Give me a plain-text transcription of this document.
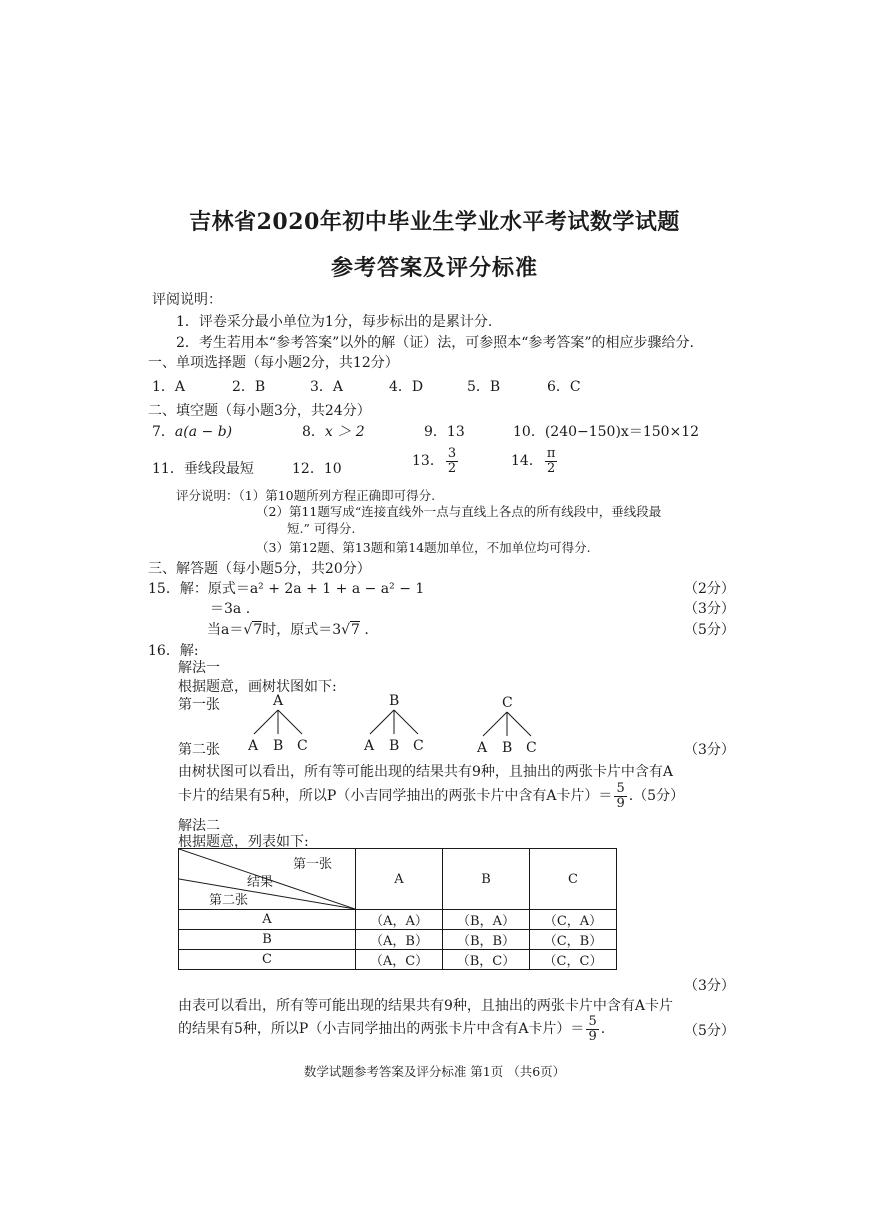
吉林省2020年初中毕业生学业水平考试数学试题
参考答案及评分标准
评阅说明：
1．评卷采分最小单位为1分，每步标出的是累计分.
2．考生若用本“参考答案”以外的解（证）法，可参照本“参考答案”的相应步骤给分.
一、单项选择题（每小题2分，共12分）
1．A	2．B	3．A	4．D	5．B	6．C
二、填空题（每小题3分，共24分）
7．a(a − b)	8．x ＞ 2	9．13	10．(240−150)x＝150×12
11．垂线段最短	12．10	13． $\frac{3}{2}$	14． $\frac{\pi}{2}$
评分说明：（1）第10题所列方程正确即可得分.
（2）第11题写成“连接直线外一点与直线上各点的所有线段中，垂线段最
短.” 可得分.
（3）第12题、第13题和第14题加单位，不加单位均可得分.
三、解答题（每小题5分，共20分）
15．解：原式＝a² + 2a + 1 + a − a² − 1
＝3a .
当a＝√7时，原式＝3√7 .
（2分）
（3分）
（5分）
16．解:
解法一
根据题意，画树状图如下:
第一张
第二张
A
A B C
B
A B C
C
A B C	（3分）
由树状图可以看出，所有等可能出现的结果共有9种，且抽出的两张卡片中含有A
卡片的结果有5种，所以P（小吉同学抽出的两张卡片中含有A卡片）＝ $\frac{5}{9} .(5$分）
解法二
根据题意，列表如下:
第一张
结果
第二张	A	B	C
A	（A，A）	（B，A）	（C，A）
B	（A，B）	（B，B）	（C，B）
C	（A，C）	（B，C）	（C，C）
（3分）
由表可以看出，所有等可能出现的结果共有9种，且抽出的两张卡片中含有A卡片
的结果有5种，所以P（小吉同学抽出的两张卡片中含有A卡片）＝ $\frac{5}{9}$ .	（5分）
数学试题参考答案及评分标准 第1页 （共6页）
